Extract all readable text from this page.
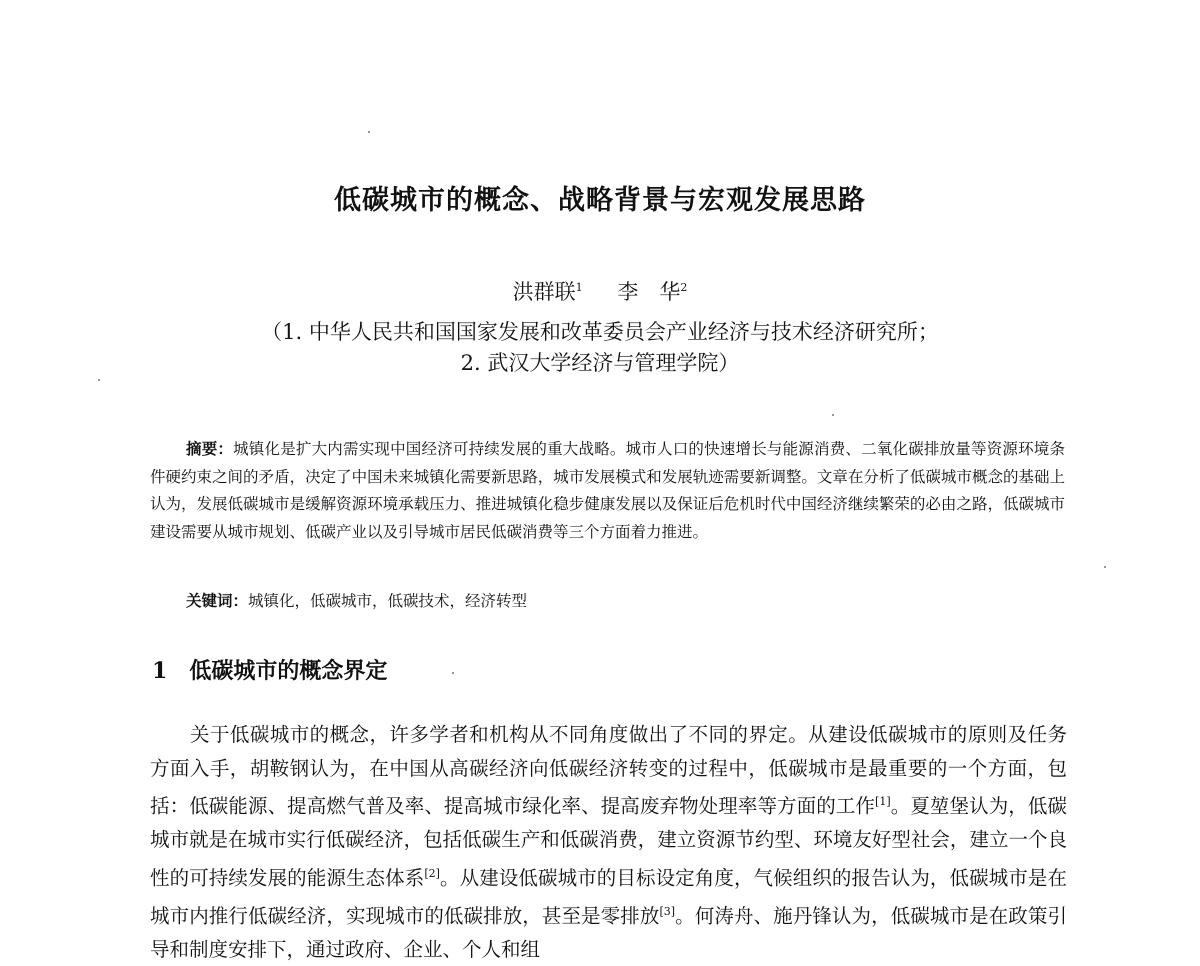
低碳城市的概念、战略背景与宏观发展思路
洪群联$^1$ 李　华$^2$
（1. 中华人民共和国国家发展和改革委员会产业经济与技术经济研究所；
2. 武汉大学经济与管理学院）
摘要：城镇化是扩大内需实现中国经济可持续发展的重大战略。城市人口的快速增长与能源消费、二氧化碳排放量等资源环境条件硬约束之间的矛盾，决定了中国未来城镇化需要新思路，城市发展模式和发展轨迹需要新调整。文章在分析了低碳城市概念的基础上认为，发展低碳城市是缓解资源环境承载压力、推进城镇化稳步健康发展以及保证后危机时代中国经济继续繁荣的必由之路，低碳城市建设需要从城市规划、低碳产业以及引导城市居民低碳消费等三个方面着力推进。
关键词：城镇化，低碳城市，低碳技术，经济转型
1 低碳城市的概念界定
关于低碳城市的概念，许多学者和机构从不同角度做出了不同的界定。从建设低碳城市的原则及任务方面入手，胡鞍钢认为，在中国从高碳经济向低碳经济转变的过程中，低碳城市是最重要的一个方面，包括：低碳能源、提高燃气普及率、提高城市绿化率、提高废弃物处理率等方面的工作[1]。夏堃堡认为，低碳城市就是在城市实行低碳经济，包括低碳生产和低碳消费，建立资源节约型、环境友好型社会，建立一个良性的可持续发展的能源生态体系[2]。从建设低碳城市的目标设定角度，气候组织的报告认为，低碳城市是在城市内推行低碳经济，实现城市的低碳排放，甚至是零排放[3]。何涛舟、施丹锋认为，低碳城市是在政策引导和制度安排下，通过政府、企业、个人和组
